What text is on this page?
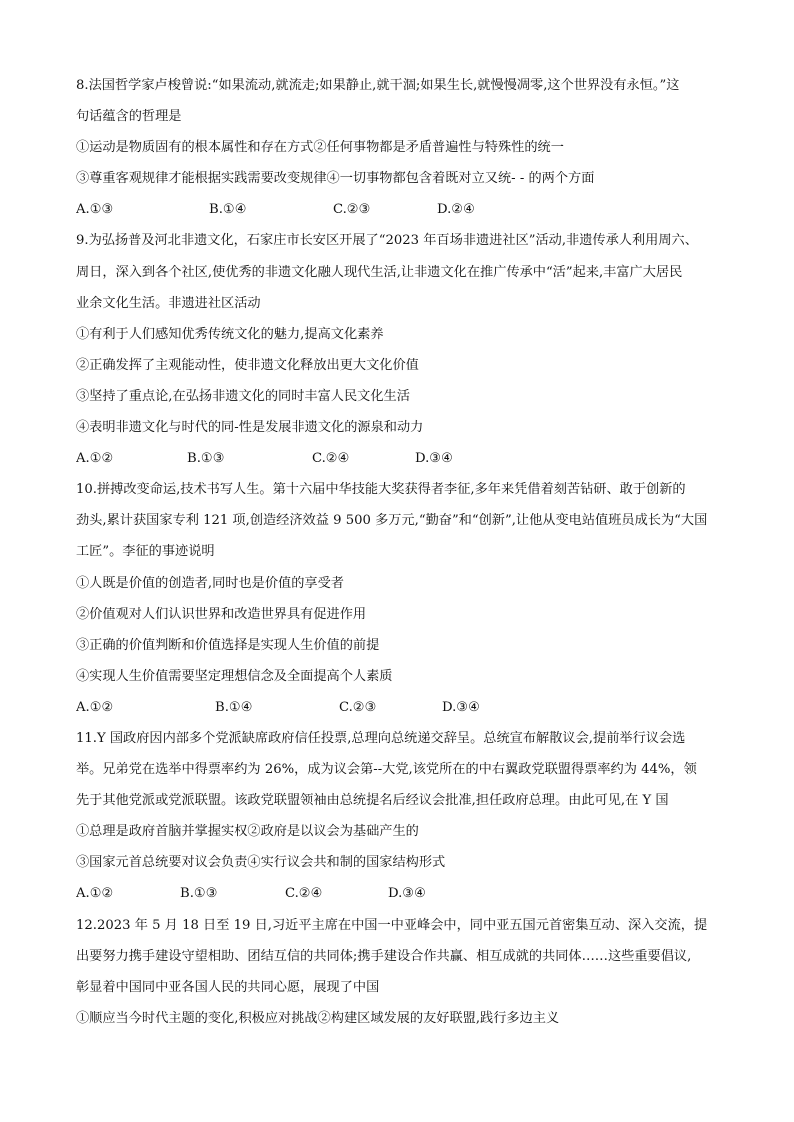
8.法国哲学家卢梭曾说:“如果流动,就流走;如果静止,就干涸;如果生长,就慢慢凋零,这个世界没有永恒。”这
句话蕴含的哲理是
①运动是物质固有的根本属性和存在方式②任何事物都是矛盾普遍性与特殊性的统一
③尊重客观规律才能根据实践需要改变规律④一切事物都包含着既对立又统- - 的两个方面
A.①③	B.①④	C.②③	D.②④
9.为弘扬普及河北非遗文化，石家庄市长安区开展了“2023 年百场非遗进社区”活动,非遗传承人利用周六、
周日，深入到各个社区,使优秀的非遗文化融人现代生活,让非遗文化在推广传承中“活”起来,丰富广大居民
业余文化生活。非遗进社区活动
①有利于人们感知优秀传统文化的魅力,提高文化素养
②正确发挥了主观能动性，使非遗文化释放出更大文化价值
③坚持了重点论,在弘扬非遗文化的同时丰富人民文化生活
④表明非遗文化与时代的同-性是发展非遗文化的源泉和动力
A.①②	B.①③	C.②④	D.③④
10.拼搏改变命运,技术书写人生。第十六届中华技能大奖获得者李征,多年来凭借着刻苦钻研、敢于创新的
劲头,累计获国家专利 121 项,创造经济效益 9 500 多万元,“勤奋”和“创新”,让他从变电站值班员成长为“大国
工匠”。李征的事迹说明
①人既是价值的创造者,同时也是价值的享受者
②价值观对人们认识世界和改造世界具有促进作用
③正确的价值判断和价值选择是实现人生价值的前提
④实现人生价值需要坚定理想信念及全面提高个人素质
A.①②	B.①④	C.②③	D.③④
11.Y 国政府因内部多个党派缺席政府信任投票,总理向总统递交辞呈。总统宣布解散议会,提前举行议会选
举。兄弟党在选举中得票率约为 26%，成为议会第--大党,该党所在的中右翼政党联盟得票率约为 44%，领
先于其他党派或党派联盟。该政党联盟领袖由总统提名后经议会批准,担任政府总理。由此可见,在 Y 国
①总理是政府首脑并掌握实权②政府是以议会为基础产生的
③国家元首总统要对议会负责④实行议会共和制的国家结构形式
A.①②	B.①③	C.②④	D.③④
12.2023 年 5 月 18 日至 19 日,习近平主席在中国一中亚峰会中，同中亚五国元首密集互动、深入交流，提
出要努力携手建设守望相助、团结互信的共同体;携手建设合作共赢、相互成就的共同体……这些重要倡议,
彰显着中国同中亚各国人民的共同心愿，展现了中国
①顺应当今时代主题的变化,积极应对挑战②构建区域发展的友好联盟,践行多边主义
